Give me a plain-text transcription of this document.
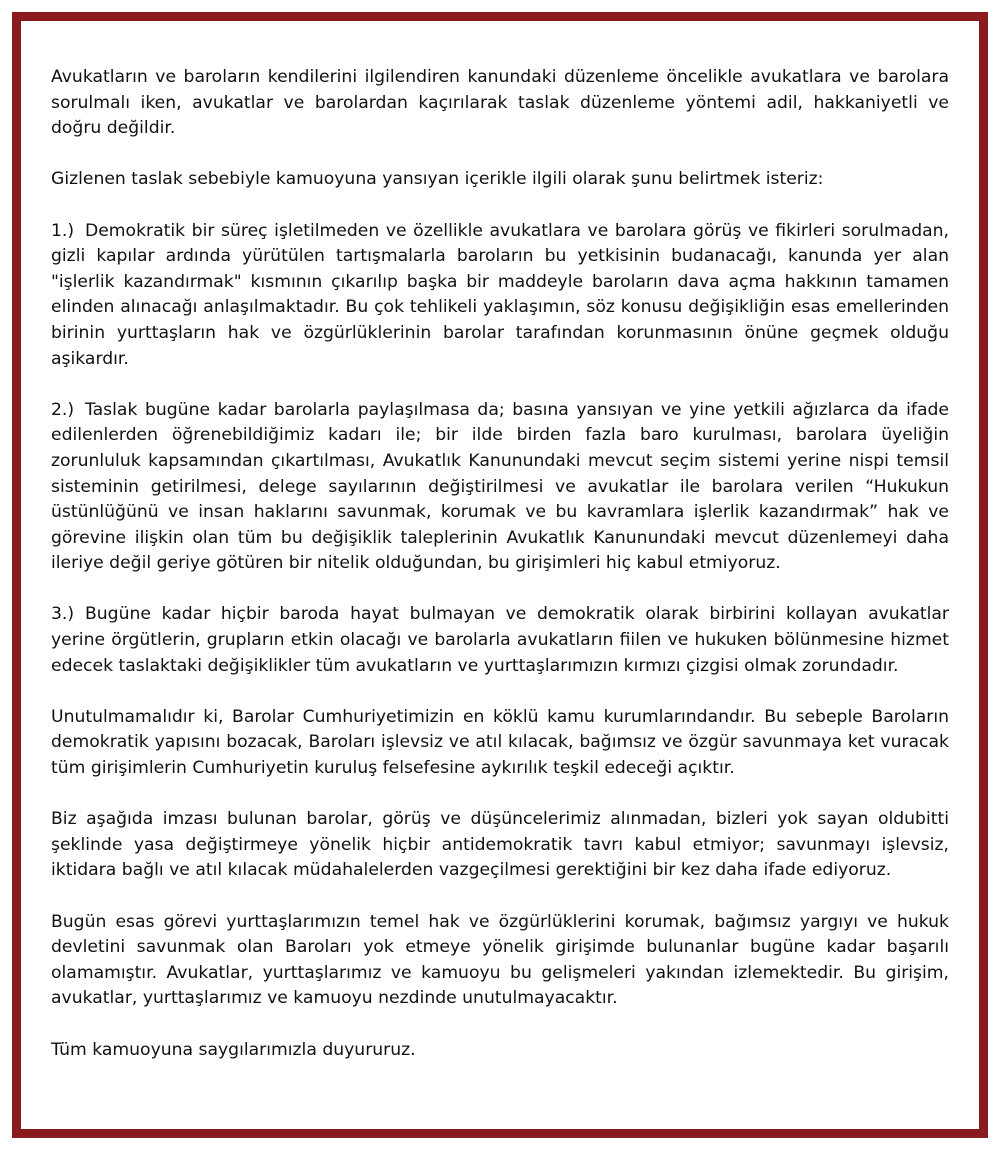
Avukatların ve baroların kendilerini ilgilendiren kanundaki düzenleme öncelikle avukatlara ve barolara sorulmalı iken, avukatlar ve barolardan kaçırılarak taslak düzenleme yöntemi adil, hakkaniyetli ve doğru değildir.

Gizlenen taslak sebebiyle kamuoyuna yansıyan içerikle ilgili olarak şunu belirtmek isteriz:

1.) Demokratik bir süreç işletilmeden ve özellikle avukatlara ve barolara görüş ve fikirleri sorulmadan, gizli kapılar ardında yürütülen tartışmalarla baroların bu yetkisinin budanacağı, kanunda yer alan "işlerlik kazandırmak" kısmının çıkarılıp başka bir maddeyle baroların dava açma hakkının tamamen elinden alınacağı anlaşılmaktadır. Bu çok tehlikeli yaklaşımın, söz konusu değişikliğin esas emellerinden birinin yurttaşların hak ve özgürlüklerinin barolar tarafından korunmasının önüne geçmek olduğu aşikardır.

2.) Taslak bugüne kadar barolarla paylaşılmasa da; basına yansıyan ve yine yetkili ağızlarca da ifade edilenlerden öğrenebildiğimiz kadarı ile; bir ilde birden fazla baro kurulması, barolara üyeliğin zorunluluk kapsamından çıkartılması, Avukatlık Kanunundaki mevcut seçim sistemi yerine nispi temsil sisteminin getirilmesi, delege sayılarının değiştirilmesi ve avukatlar ile barolara verilen “Hukukun üstünlüğünü ve insan haklarını savunmak, korumak ve bu kavramlara işlerlik kazandırmak” hak ve görevine ilişkin olan tüm bu değişiklik taleplerinin Avukatlık Kanunundaki mevcut düzenlemeyi daha ileriye değil geriye götüren bir nitelik olduğundan, bu girişimleri hiç kabul etmiyoruz.

3.) Bugüne kadar hiçbir baroda hayat bulmayan ve demokratik olarak birbirini kollayan avukatlar yerine örgütlerin, grupların etkin olacağı ve barolarla avukatların fiilen ve hukuken bölünmesine hizmet edecek taslaktaki değişiklikler tüm avukatların ve yurttaşlarımızın kırmızı çizgisi olmak zorundadır.

Unutulmamalıdır ki, Barolar Cumhuriyetimizin en köklü kamu kurumlarındandır. Bu sebeple Baroların demokratik yapısını bozacak, Baroları işlevsiz ve atıl kılacak, bağımsız ve özgür savunmaya ket vuracak tüm girişimlerin Cumhuriyetin kuruluş felsefesine aykırılık teşkil edeceği açıktır.

Biz aşağıda imzası bulunan barolar, görüş ve düşüncelerimiz alınmadan, bizleri yok sayan oldubitti şeklinde yasa değiştirmeye yönelik hiçbir antidemokratik tavrı kabul etmiyor; savunmayı işlevsiz, iktidara bağlı ve atıl kılacak müdahalelerden vazgeçilmesi gerektiğini bir kez daha ifade ediyoruz.

Bugün esas görevi yurttaşlarımızın temel hak ve özgürlüklerini korumak, bağımsız yargıyı ve hukuk devletini savunmak olan Baroları yok etmeye yönelik girişimde bulunanlar bugüne kadar başarılı olamamıştır. Avukatlar, yurttaşlarımız ve kamuoyu bu gelişmeleri yakından izlemektedir. Bu girişim, avukatlar, yurttaşlarımız ve kamuoyu nezdinde unutulmayacaktır.

Tüm kamuoyuna saygılarımızla duyururuz.
